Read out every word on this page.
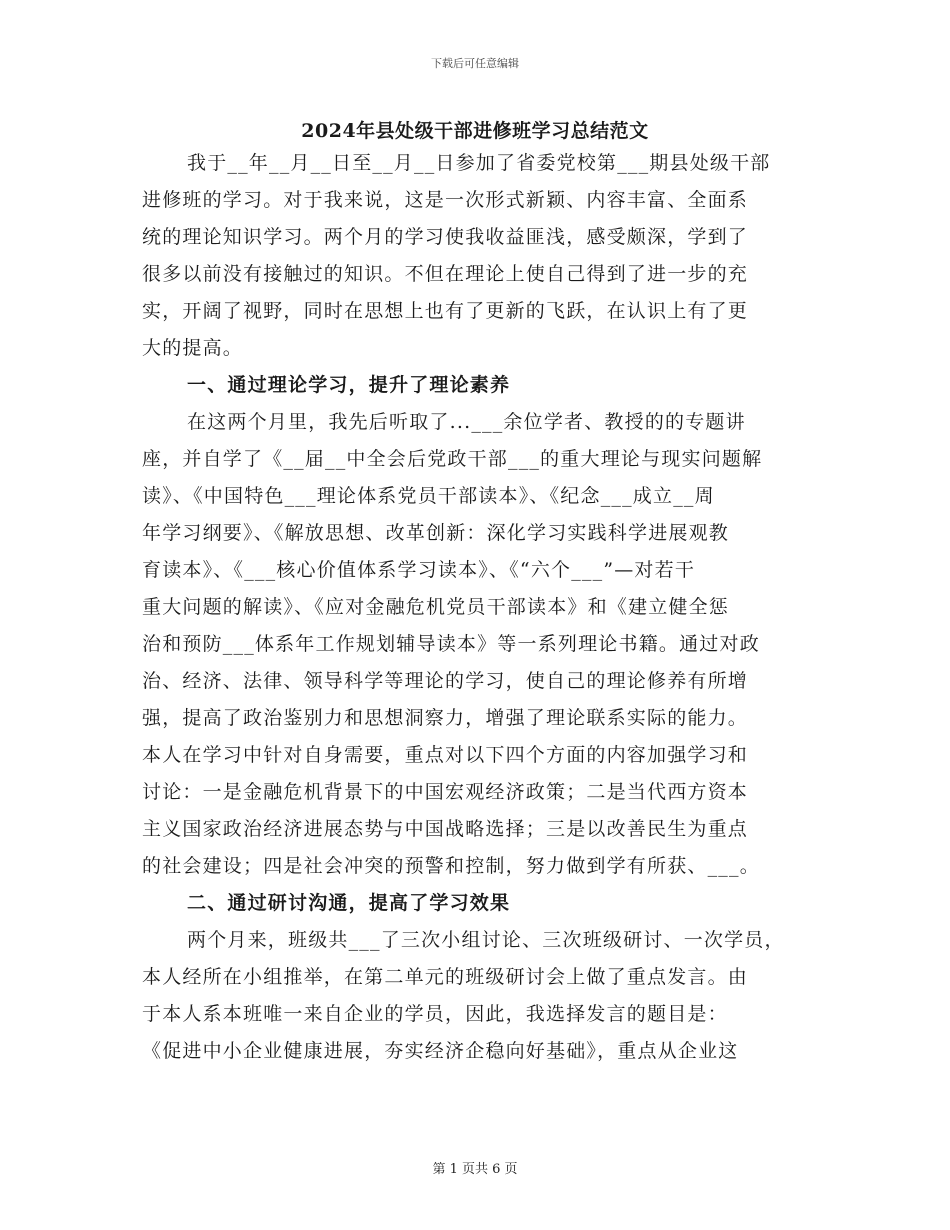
下载后可任意编辑
2024年县处级干部进修班学习总结范文
我于__年__月__日至__月__日参加了省委党校第___期县处级干部
进修班的学习。对于我来说，这是一次形式新颖、内容丰富、全面系
统的理论知识学习。两个月的学习使我收益匪浅，感受颇深，学到了
很多以前没有接触过的知识。不但在理论上使自己得到了进一步的充
实，开阔了视野，同时在思想上也有了更新的飞跃，在认识上有了更
大的提高。
一、通过理论学习，提升了理论素养
在这两个月里，我先后听取了...___余位学者、教授的的专题讲
座，并自学了《__届__中全会后党政干部___的重大理论与现实问题解
读》、《中国特色___理论体系党员干部读本》、《纪念___成立__周
年学习纲要》、《解放思想、改革创新：深化学习实践科学进展观教
育读本》、《___核心价值体系学习读本》、《“六个___”—对若干
重大问题的解读》、《应对金融危机党员干部读本》和《建立健全惩
治和预防___体系年工作规划辅导读本》等一系列理论书籍。通过对政
治、经济、法律、领导科学等理论的学习，使自己的理论修养有所增
强，提高了政治鉴别力和思想洞察力，增强了理论联系实际的能力。
本人在学习中针对自身需要，重点对以下四个方面的内容加强学习和
讨论：一是金融危机背景下的中国宏观经济政策；二是当代西方资本
主义国家政治经济进展态势与中国战略选择；三是以改善民生为重点
的社会建设；四是社会冲突的预警和控制，努力做到学有所获、___。
二、通过研讨沟通，提高了学习效果
两个月来，班级共___了三次小组讨论、三次班级研讨、一次学员，
本人经所在小组推举，在第二单元的班级研讨会上做了重点发言。由
于本人系本班唯一来自企业的学员，因此，我选择发言的题目是：
《促进中小企业健康进展，夯实经济企稳向好基础》，重点从企业这
第 1 页共 6 页
